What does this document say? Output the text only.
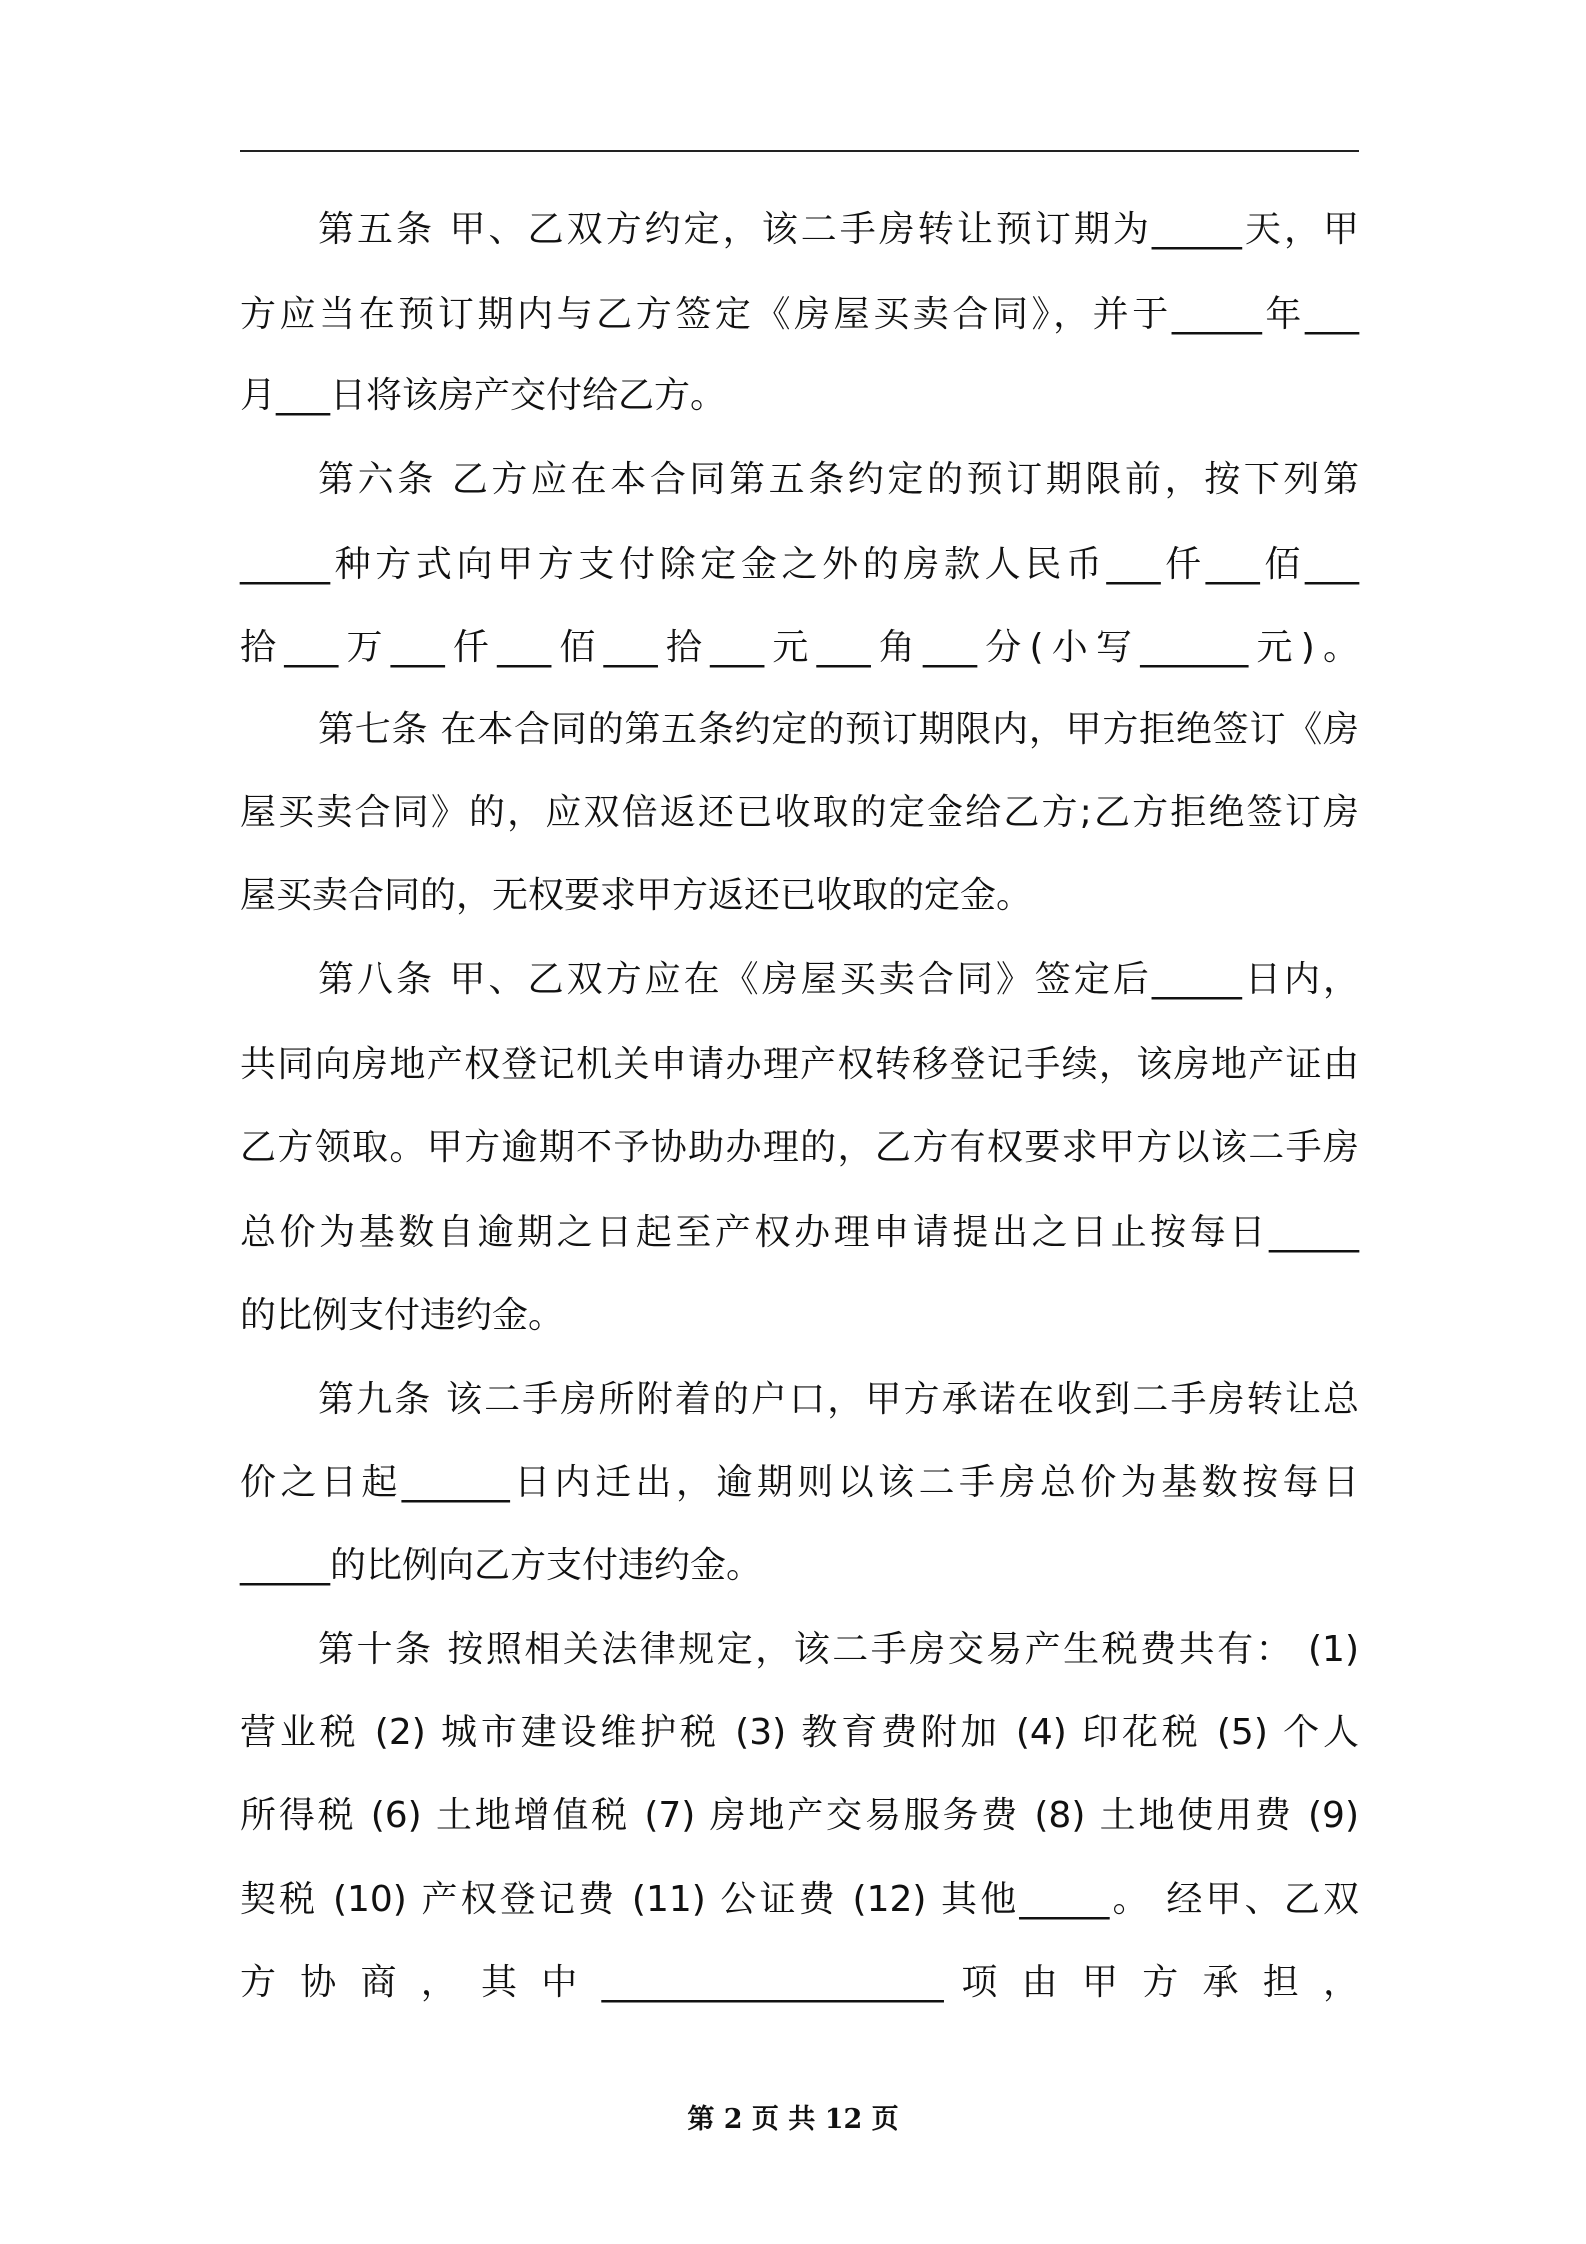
第五条 甲、乙双方约定，该二手房转让预订期为_____天，甲
方应当在预订期内与乙方签定《房屋买卖合同》，并于_____年___
月___日将该房产交付给乙方。
第六条 乙方应在本合同第五条约定的预订期限前，按下列第
_____种方式向甲方支付除定金之外的房款人民币___仟___佰___
拾___万___仟___佰___拾___元___角___分(小写______元)。
第七条 在本合同的第五条约定的预订期限内，甲方拒绝签订《房
屋买卖合同》的，应双倍返还已收取的定金给乙方;乙方拒绝签订房
屋买卖合同的，无权要求甲方返还已收取的定金。
第八条 甲、乙双方应在《房屋买卖合同》签定后_____日内，
共同向房地产权登记机关申请办理产权转移登记手续，该房地产证由
乙方领取。甲方逾期不予协助办理的，乙方有权要求甲方以该二手房
总价为基数自逾期之日起至产权办理申请提出之日止按每日_____
的比例支付违约金。
第九条 该二手房所附着的户口，甲方承诺在收到二手房转让总
价之日起______日内迁出，逾期则以该二手房总价为基数按每日
_____的比例向乙方支付违约金。
第十条 按照相关法律规定，该二手房交易产生税费共有： (1)
营业税 (2) 城市建设维护税 (3) 教育费附加 (4) 印花税 (5) 个人
所得税 (6) 土地增值税 (7) 房地产交易服务费 (8) 土地使用费 (9)
契税 (10) 产权登记费 (11) 公证费 (12) 其他_____。 经甲、乙双
方 协 商 ， 其 中 ___________________ 项 由 甲 方 承 担 ，
第 2 页 共 12 页
